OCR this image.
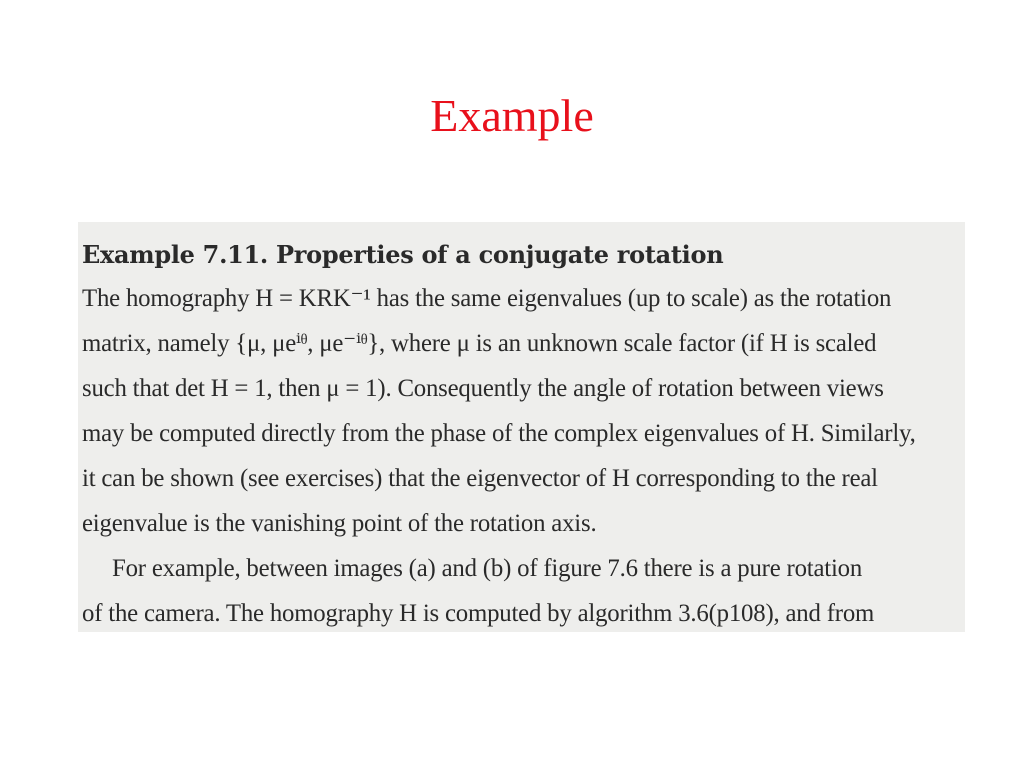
Example
Example 7.11. Properties of a conjugate rotation
The homography H = KRK⁻¹ has the same eigenvalues (up to scale) as the rotation
matrix, namely {μ, μeⁱᶿ, μe⁻ⁱᶿ}, where μ is an unknown scale factor (if H is scaled
such that det H = 1, then μ = 1). Consequently the angle of rotation between views
may be computed directly from the phase of the complex eigenvalues of H. Similarly,
it can be shown (see exercises) that the eigenvector of H corresponding to the real
eigenvalue is the vanishing point of the rotation axis.
For example, between images (a) and (b) of figure 7.6 there is a pure rotation
of the camera. The homography H is computed by algorithm 3.6(p108), and from
